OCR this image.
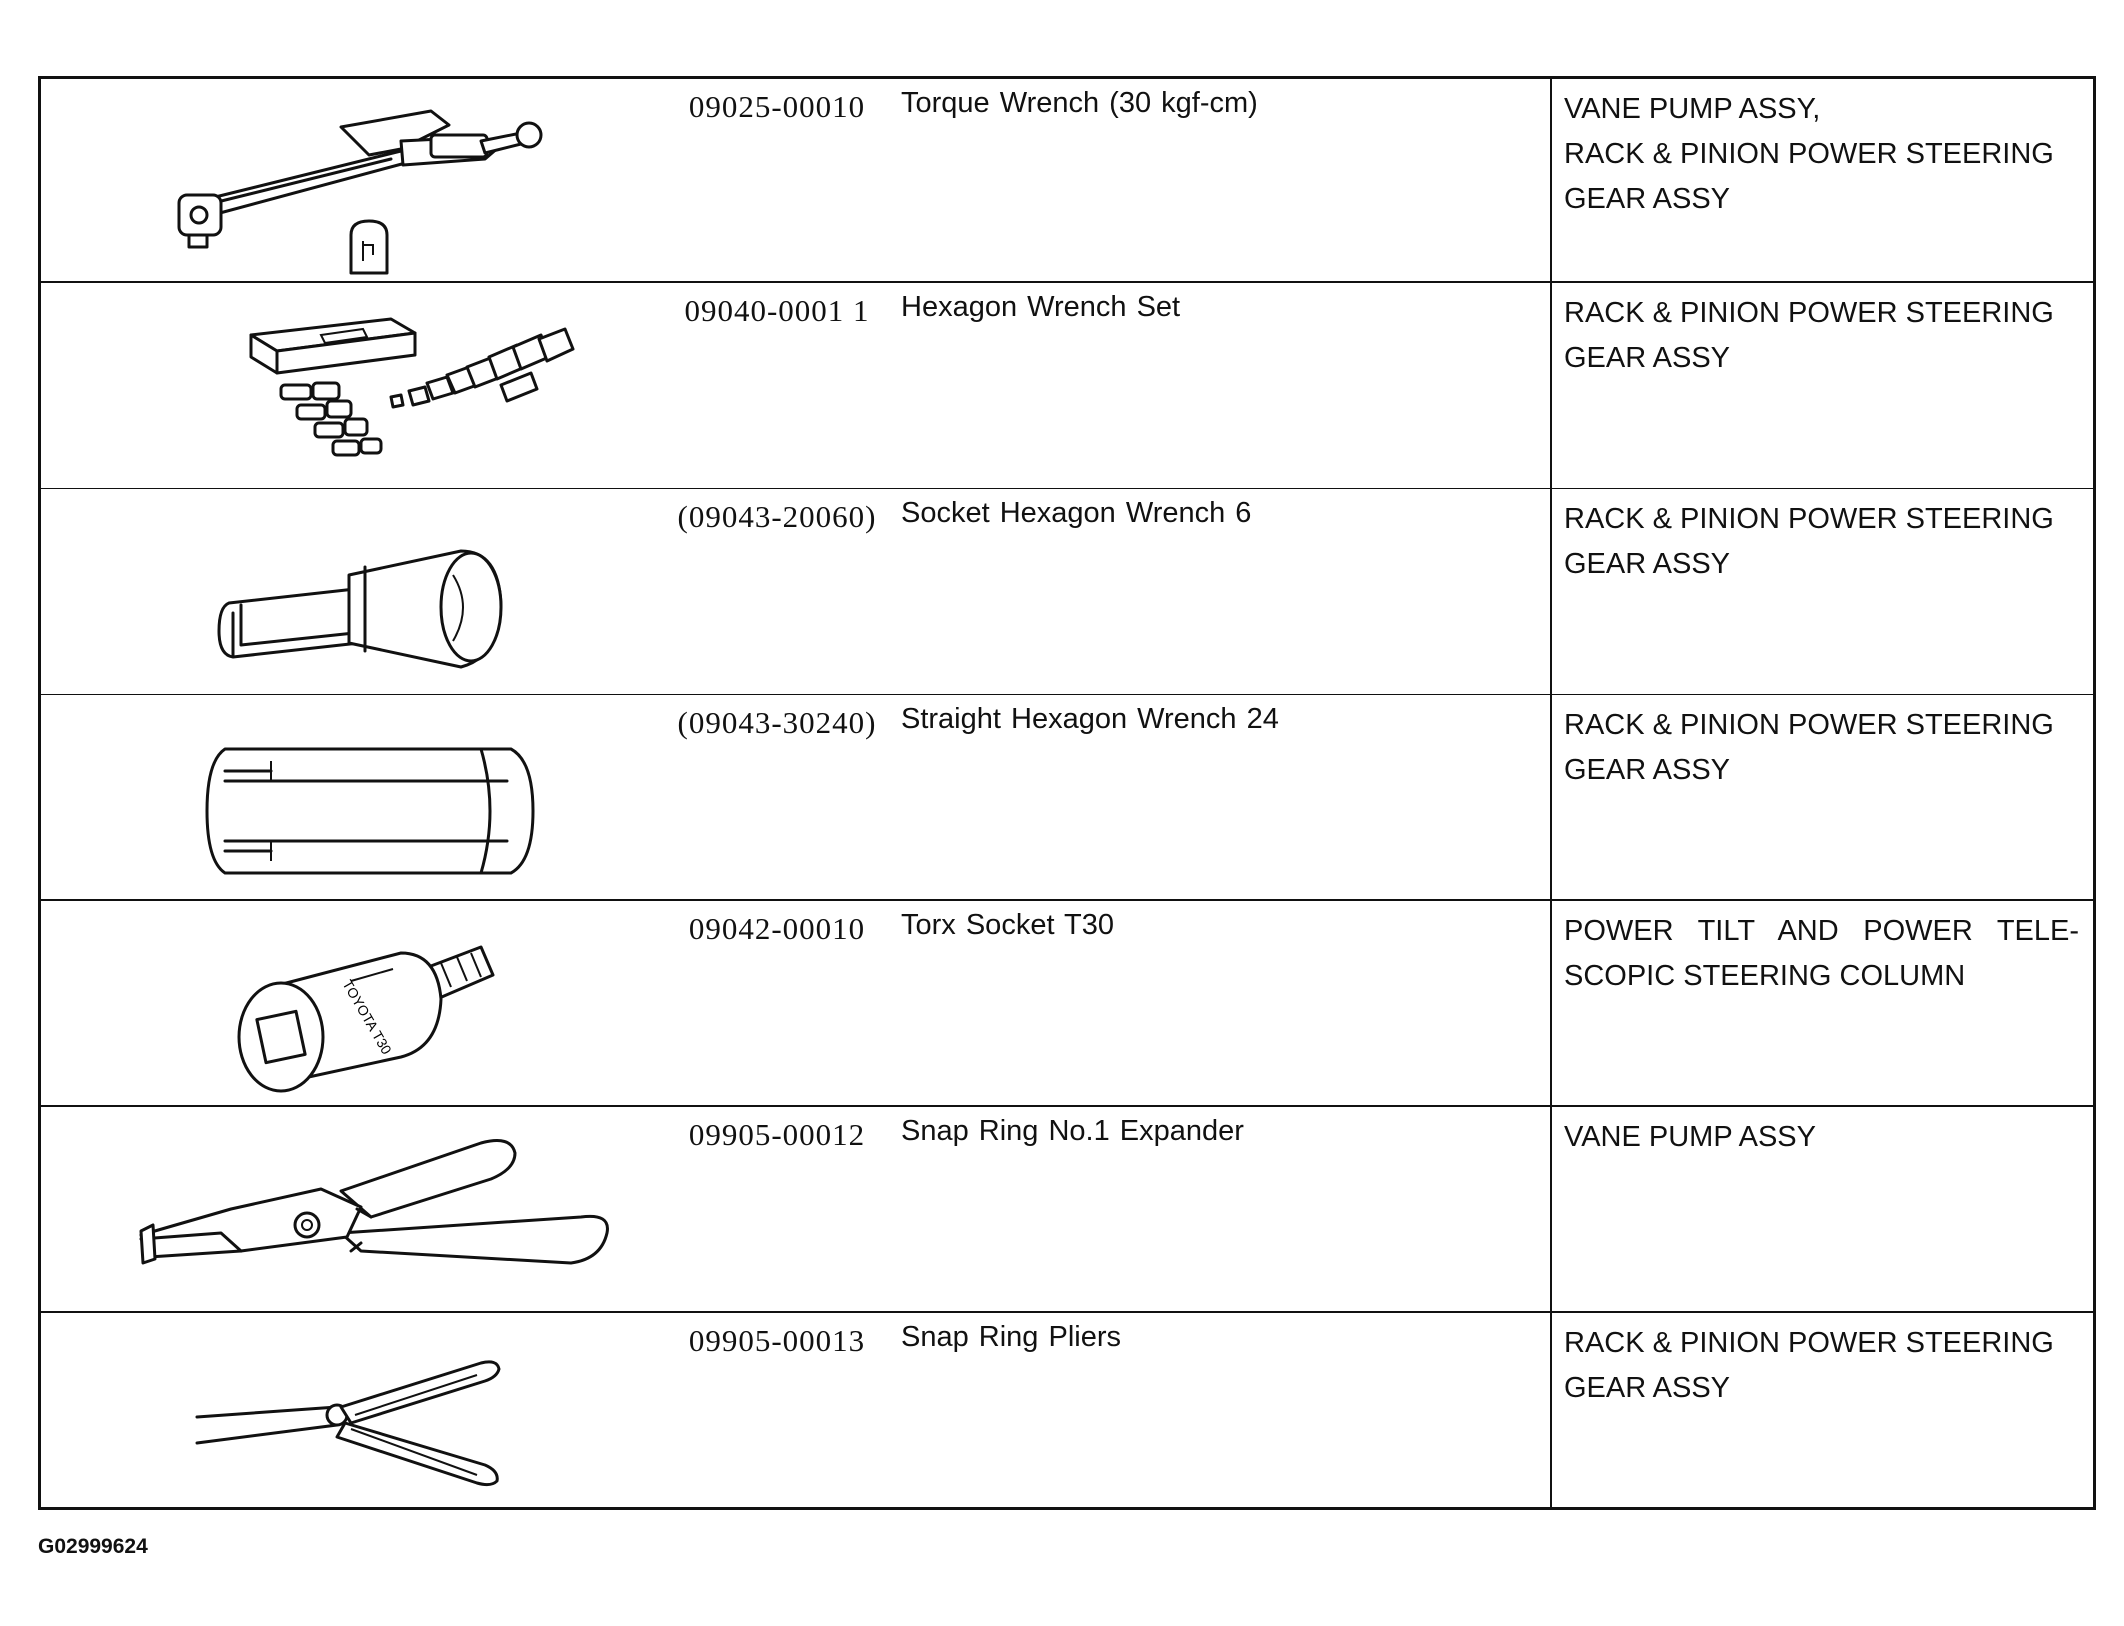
09025-00010	Torque Wrench (30 kgf-cm)	VANE PUMP ASSY,
RACK & PINION POWER STEERING
GEAR ASSY
09040-0001 1	Hexagon Wrench Set	RACK & PINION POWER STEERING
GEAR ASSY
(09043-20060) Socket Hexagon Wrench 6	RACK & PINION POWER STEERING
GEAR ASSY
(09043-30240) Straight Hexagon Wrench 24	RACK & PINION POWER STEERING
GEAR ASSY
TOYOTA T30
09042-00010	Torx Socket T30	POWER TILT AND POWER TELE-
SCOPIC STEERING COLUMN
09905-00012	Snap Ring No.1 Expander	VANE PUMP ASSY
09905-00013	Snap Ring Pliers	RACK & PINION POWER STEERING
GEAR ASSY
G02999624
